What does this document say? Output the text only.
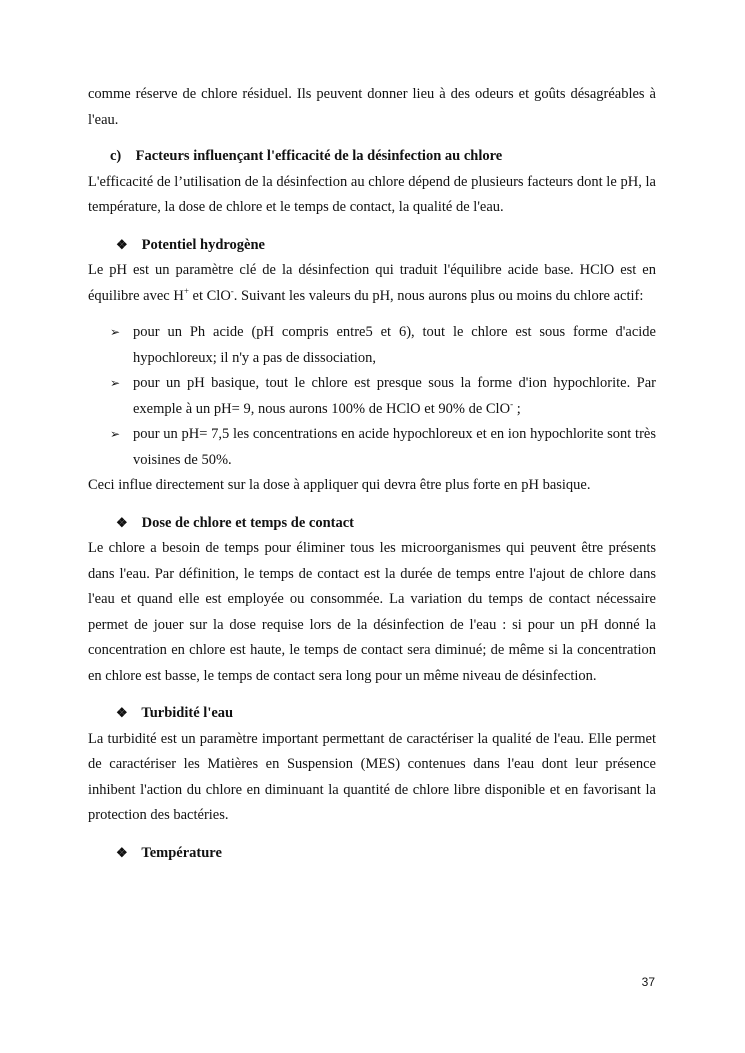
comme réserve de chlore résiduel. Ils peuvent donner lieu à des odeurs et goûts désagréables à l'eau.

c) Facteurs influençant l'efficacité de la désinfection au chlore

L'efficacité de l’utilisation de la désinfection au chlore dépend de plusieurs facteurs dont le pH, la température, la dose de chlore et le temps de contact, la qualité de l'eau.

❖ Potentiel hydrogène

Le pH est un paramètre clé de la désinfection qui traduit l'équilibre acide base. HClO est en équilibre avec H+ et ClO-. Suivant les valeurs du pH, nous aurons plus ou moins du chlore actif:

➢ pour un Ph acide (pH compris entre5 et 6), tout le chlore est sous forme d'acide hypochloreux; il n'y a pas de dissociation,
➢ pour un pH basique, tout le chlore est presque sous la forme d'ion hypochlorite. Par exemple à un pH= 9, nous aurons 100% de HClO et 90% de ClO- ;
➢ pour un pH= 7,5 les concentrations en acide hypochloreux et en ion hypochlorite sont très voisines de 50%.

Ceci influe directement sur la dose à appliquer qui devra être plus forte en pH basique.

❖ Dose de chlore et temps de contact

Le chlore a besoin de temps pour éliminer tous les microorganismes qui peuvent être présents dans l'eau. Par définition, le temps de contact est la durée de temps entre l'ajout de chlore dans l'eau et quand elle est employée ou consommée. La variation du temps de contact nécessaire permet de jouer sur la dose requise lors de la désinfection de l'eau : si pour un pH donné la concentration en chlore est haute, le temps de contact sera diminué; de même si la concentration en chlore est basse, le temps de contact sera long pour un même niveau de désinfection.

❖ Turbidité l'eau

La turbidité est un paramètre important permettant de caractériser la qualité de l'eau. Elle permet de caractériser les Matières en Suspension (MES) contenues dans l'eau dont leur présence inhibent l'action du chlore en diminuant la quantité de chlore libre disponible et en favorisant la protection des bactéries.

❖ Température

37
